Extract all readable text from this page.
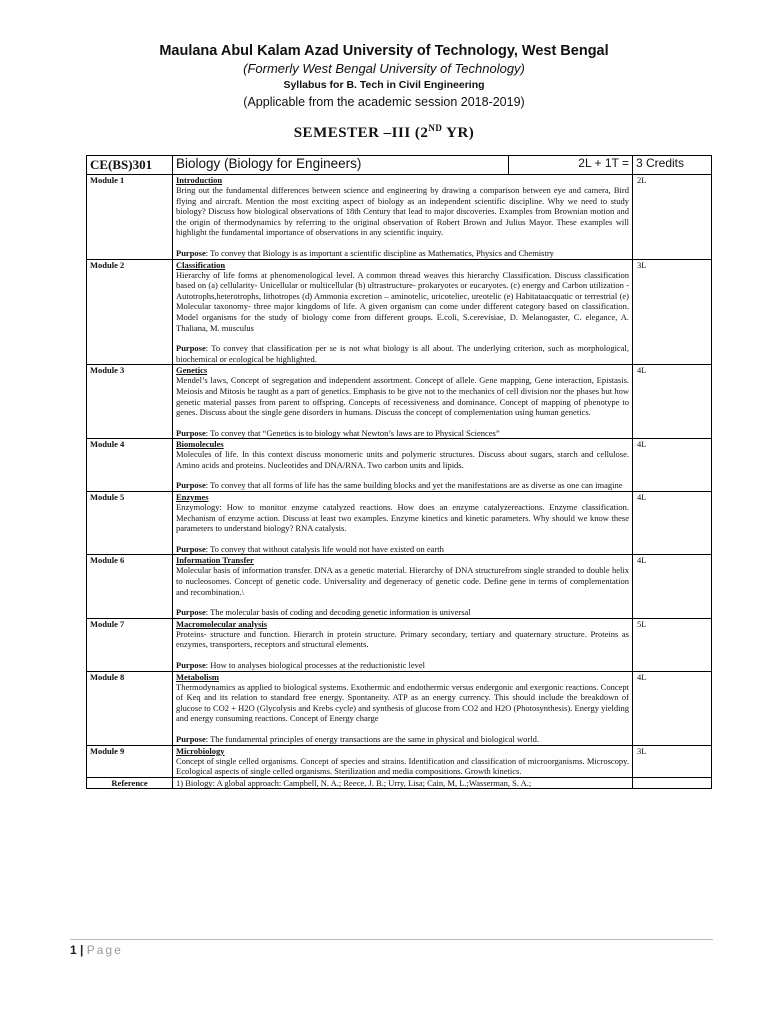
Maulana Abul Kalam Azad University of Technology, West Bengal
(Formerly West Bengal University of Technology)
Syllabus for B. Tech in Civil Engineering
(Applicable from the academic session 2018-2019)
SEMESTER –III (2ND YR)
CE(BS)301	Biology (Biology for Engineers)	2L + 1T =	3 Credits
Module 1	Introduction

Bring out the fundamental differences between science and engineering by drawing a comparison between eye and camera, Bird flying and aircraft. Mention the most exciting aspect of biology as an independent scientific discipline. Why we need to study biology? Discuss how biological observations of 18th Century that lead to major discoveries. Examples from Brownian motion and the origin of thermodynamics by referring to the original observation of Robert Brown and Julius Mayor. These examples will highlight the fundamental importance of observations in any scientific inquiry.

Purpose: To convey that Biology is as important a scientific discipline as Mathematics, Physics and Chemistry		2L
Module 2	Classification

Hierarchy of life forms at phenomenological level. A common thread weaves this hierarchy Classification. Discuss classification based on (a) cellularity- Unicellular or multicellular (b) ultrastructure- prokaryotes or eucaryotes. (c) energy and Carbon utilization -Autotrophs,heterotrophs, lithotropes (d) Ammonia excretion – aminotelic, uricoteliec, ureotelic (e) Habitataacquatic or terrestrial (e) Molecular taxonomy- three major kingdoms of life. A given organism can come under different category based on classification. Model organisms for the study of biology come from different groups. E.coli, S.cerevisiae, D. Melanogaster, C. elegance, A. Thaliana, M. musculus

Purpose: To convey that classification per se is not what biology is all about. The underlying criterion, such as morphological, biochemical or ecological be highlighted.		3L
Module 3	Genetics

Mendel’s laws, Concept of segregation and independent assortment. Concept of allele. Gene mapping, Gene interaction, Epistasis. Meiosis and Mitosis be taught as a part of genetics. Emphasis to be give not to the mechanics of cell division nor the phases but how genetic material passes from parent to offspring. Concepts of recessiveness and dominance. Concept of mapping of phenotype to genes. Discuss about the single gene disorders in humans. Discuss the concept of complementation using human genetics.

Purpose: To convey that “Genetics is to biology what Newton’s laws are to Physical Sciences”		4L
Module 4	Biomolecules

Molecules of life. In this context discuss monomeric units and polymeric structures. Discuss about sugars, starch and cellulose. Amino acids and proteins. Nucleotides and DNA/RNA. Two carbon units and lipids.

Purpose: To convey that all forms of life has the same building blocks and yet the manifestations are as diverse as one can imagine		4L
Module 5	Enzymes

Enzymology: How to monitor enzyme catalyzed reactions. How does an enzyme catalyzereactions. Enzyme classification. Mechanism of enzyme action. Discuss at least two examples. Enzyme kinetics and kinetic parameters. Why should we know these parameters to understand biology? RNA catalysis.

Purpose: To convey that without catalysis life would not have existed on earth		4L
Module 6	Information Transfer

Molecular basis of information transfer. DNA as a genetic material. Hierarchy of DNA structurefrom single stranded to double helix to nucleosomes. Concept of genetic code. Universality and degeneracy of genetic code. Define gene in terms of complementation and recombination.\

Purpose: The molecular basis of coding and decoding genetic information is universal		4L
Module 7	Macromolecular analysis

Proteins- structure and function. Hierarch in protein structure. Primary secondary, tertiary and quaternary structure. Proteins as enzymes, transporters, receptors and structural elements.

Purpose: How to analyses biological processes at the reductionistic level		5L
Module 8	Metabolism

Thermodynamics as applied to biological systems. Exothermic and endothermic versus endergonic and exergonic reactions. Concept of Keq and its relation to standard free energy. Spontaneity. ATP as an energy currency. This should include the breakdown of glucose to CO2 + H2O (Glycolysis and Krebs cycle) and synthesis of glucose from CO2 and H2O (Photosynthesis). Energy yielding and energy consuming reactions. Concept of Energy charge

Purpose: The fundamental principles of energy transactions are the same in physical and biological world.		4L
Module 9	Microbiology

Concept of single celled organisms. Concept of species and strains. Identification and classification of microorganisms. Microscopy. Ecological aspects of single celled organisms. Sterilization and media compositions. Growth kinetics.		3L
Reference	1) Biology: A global approach: Campbell, N. A.; Reece, J. B.; Urry, Lisa; Cain, M, L.;Wasserman, S. A.;		
1 | Page
